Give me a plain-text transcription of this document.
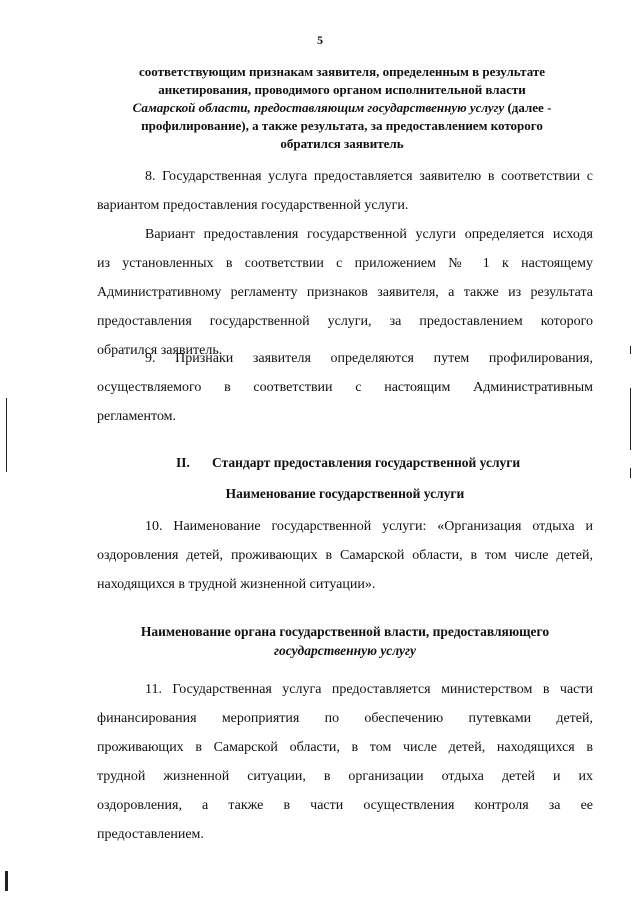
5
соответствующим признакам заявителя, определенным в результате
анкетирования, проводимого органом исполнительной власти
Самарской области, предоставляющим государственную услугу (далее -
профилирование), а также результата, за предоставлением которого
обратился заявитель
8. Государственная услуга предоставляется заявителю в соответствии с
вариантом предоставления государственной услуги.
Вариант предоставления государственной услуги определяется исходя
из установленных в соответствии с приложением № 1 к настоящему
Административному регламенту признаков заявителя, а также из результата
предоставления государственной услуги, за предоставлением которого
обратился заявитель.
9. Признаки заявителя определяются путем профилирования,
осуществляемого в соответствии с настоящим Административным
регламентом.
II. Стандарт предоставления государственной услуги
Наименование государственной услуги
10. Наименование государственной услуги: «Организация отдыха и
оздоровления детей, проживающих в Самарской области, в том числе детей,
находящихся в трудной жизненной ситуации».
Наименование органа государственной власти, предоставляющего
государственную услугу
11. Государственная услуга предоставляется министерством в части
финансирования мероприятия по обеспечению путевками детей,
проживающих в Самарской области, в том числе детей, находящихся в
трудной жизненной ситуации, в организации отдыха детей и их
оздоровления, а также в части осуществления контроля за ее
предоставлением.
